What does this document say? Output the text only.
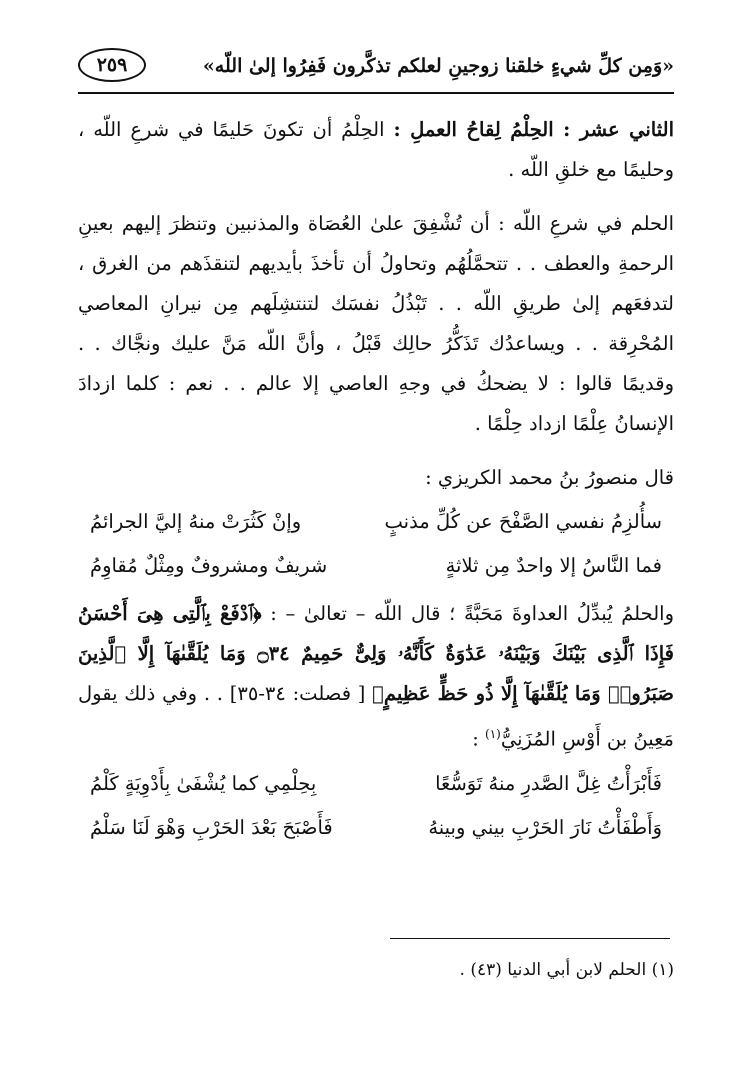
«وَمِن كلِّ شيءٍ خلقنا زوجينِ لعلكم تذكَّرون فَفِرُوا إلىٰ اللّه»
٢٥٩

الثاني عشر : الحِلْمُ لِقاحُ العملِ : الحِلْمُ أن تكونَ حَليمًا في شرعِ اللّه ، وحليمًا مع خلقِ اللّه .

الحلم في شرعِ اللّه : أن تُشْفِقَ علىٰ العُصَاة والمذنبين وتنظرَ إليهم بعينِ الرحمةِ والعطف . . تتحمَّلُهُم وتحاولُ أن تأخذَ بأيديهم لتنقذَهم من الغرق ، لتدفعَهم إلىٰ طريقِ اللّه . . تَبْذُلُ نفسَك لتنتشِلَهم مِن نيرانِ المعاصي المُحْرِقة . . ويساعدُك تَذَكُّرُ حالِك قَبْلُ ، وأنَّ اللّه مَنَّ عليك ونجَّاك . . وقديمًا قالوا : لا يضحكُ في وجهِ العاصي إلا عالم . . نعم : كلما ازدادَ الإنسانُ عِلْمًا ازداد حِلْمًا .

قال منصورُ بنُ محمد الكريزي :

سأُلزِمُ نفسي الصَّفْحَ عن كُلِّ مذنبٍ
وإنْ كَثُرَتْ منهُ إليَّ الجرائمُ
فما النَّاسُ إلا واحدٌ مِن ثلاثةٍ
شريفٌ ومشروفٌ ومِثْلٌ مُقاوِمُ

والحلمُ يُبدِّلُ العداوةَ مَحَبَّةً ؛ قال اللّه – تعالىٰ – : ﴿ٱدْفَعْ بِٱلَّتِى هِىَ أَحْسَنُ فَإِذَا ٱلَّذِى بَيْنَكَ وَبَيْنَهُۥ عَدَٰوَةٌ كَأَنَّهُۥ وَلِىٌّ حَمِيمٌ ۝٣٤ وَمَا يُلَقَّىٰهَآ إِلَّا ٱلَّذِينَ صَبَرُوا۟ وَمَا يُلَقَّىٰهَآ إِلَّا ذُو حَظٍّ عَظِيمٍ﴾ [ فصلت: ٣٤-٣٥] . . وفي ذلك يقول مَعِينُ بن أَوْسِ المُزَنِيُّ$^{(١)}$ :

فَأَبْرَأْتُ غِلَّ الصَّدرِ منهُ تَوَسُّعًا
بِحِلْمِي كما يُشْفَىٰ بِأَدْوِيَةٍ كَلْمُ
وَأَطْفَأْتُ نَارَ الحَرْبِ بيني وبينهُ
فَأَصْبَحَ بَعْدَ الحَرْبِ وَهْوَ لَنَا سَلْمُ
(١) الحلم لابن أبي الدنيا (٤٣) .
